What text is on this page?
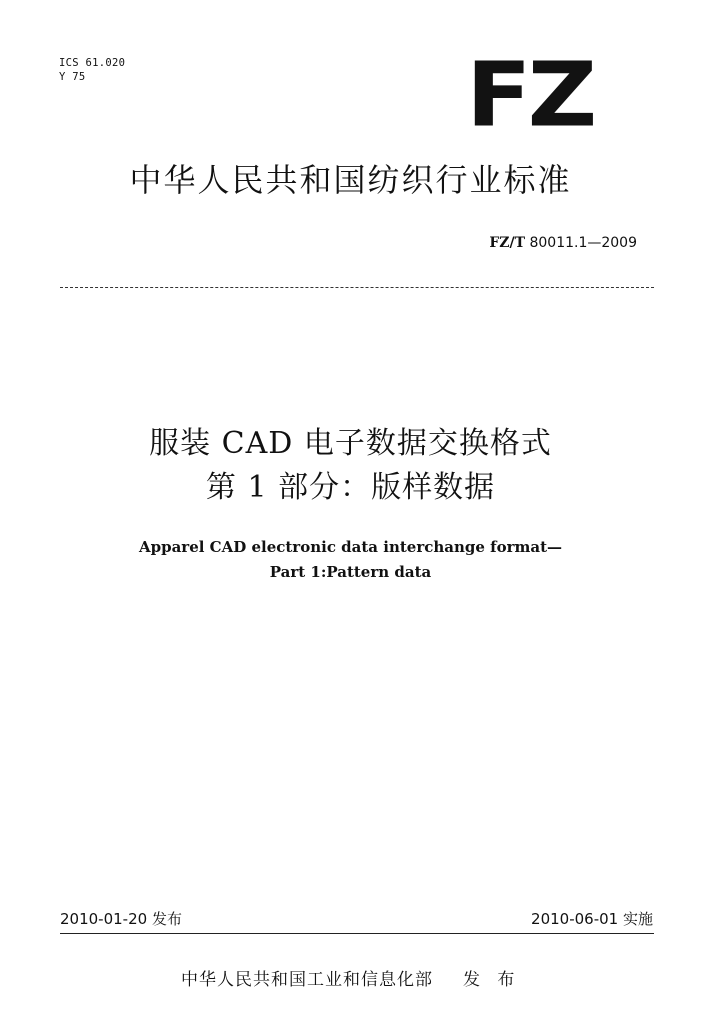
ICS 61.020
Y 75	FZ
中华人民共和国纺织行业标准
FZ/T 80011.1—2009
服装 CAD 电子数据交换格式
第 1 部分：版样数据
Apparel CAD electronic data interchange format—
Part 1:Pattern data
2010-01-20 发布	2010-06-01 实施
中华人民共和国工业和信息化部 发 布
